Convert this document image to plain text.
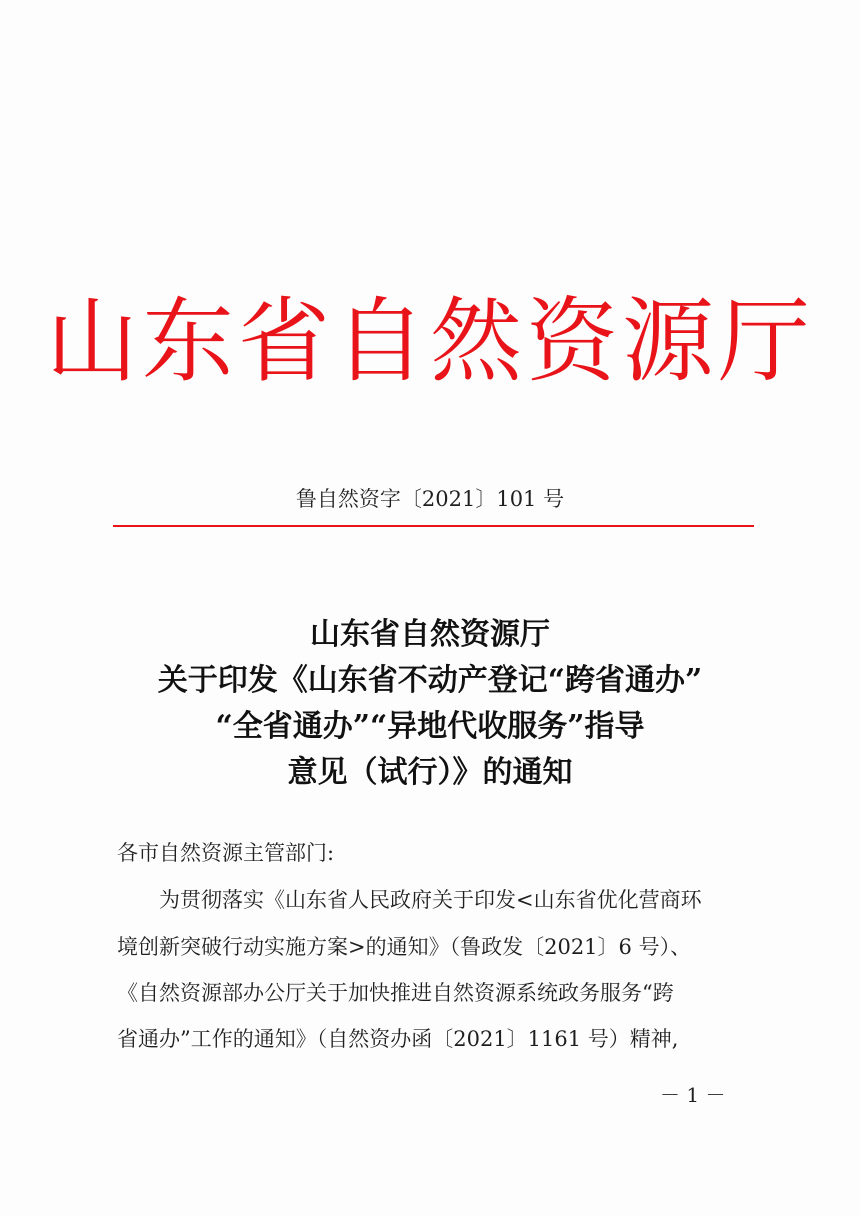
山东省自然资源厅
鲁自然资字〔2021〕101 号
山东省自然资源厅
关于印发《山东省不动产登记“跨省通办”
“全省通办”“异地代收服务”指导
意见（试行）》的通知
各市自然资源主管部门:
　　为贯彻落实《山东省人民政府关于印发<山东省优化营商环
境创新突破行动实施方案>的通知》（鲁政发〔2021〕6 号）、
《自然资源部办公厅关于加快推进自然资源系统政务服务“跨
省通办”工作的通知》（自然资办函〔2021〕1161 号）精神,
－ 1 －
